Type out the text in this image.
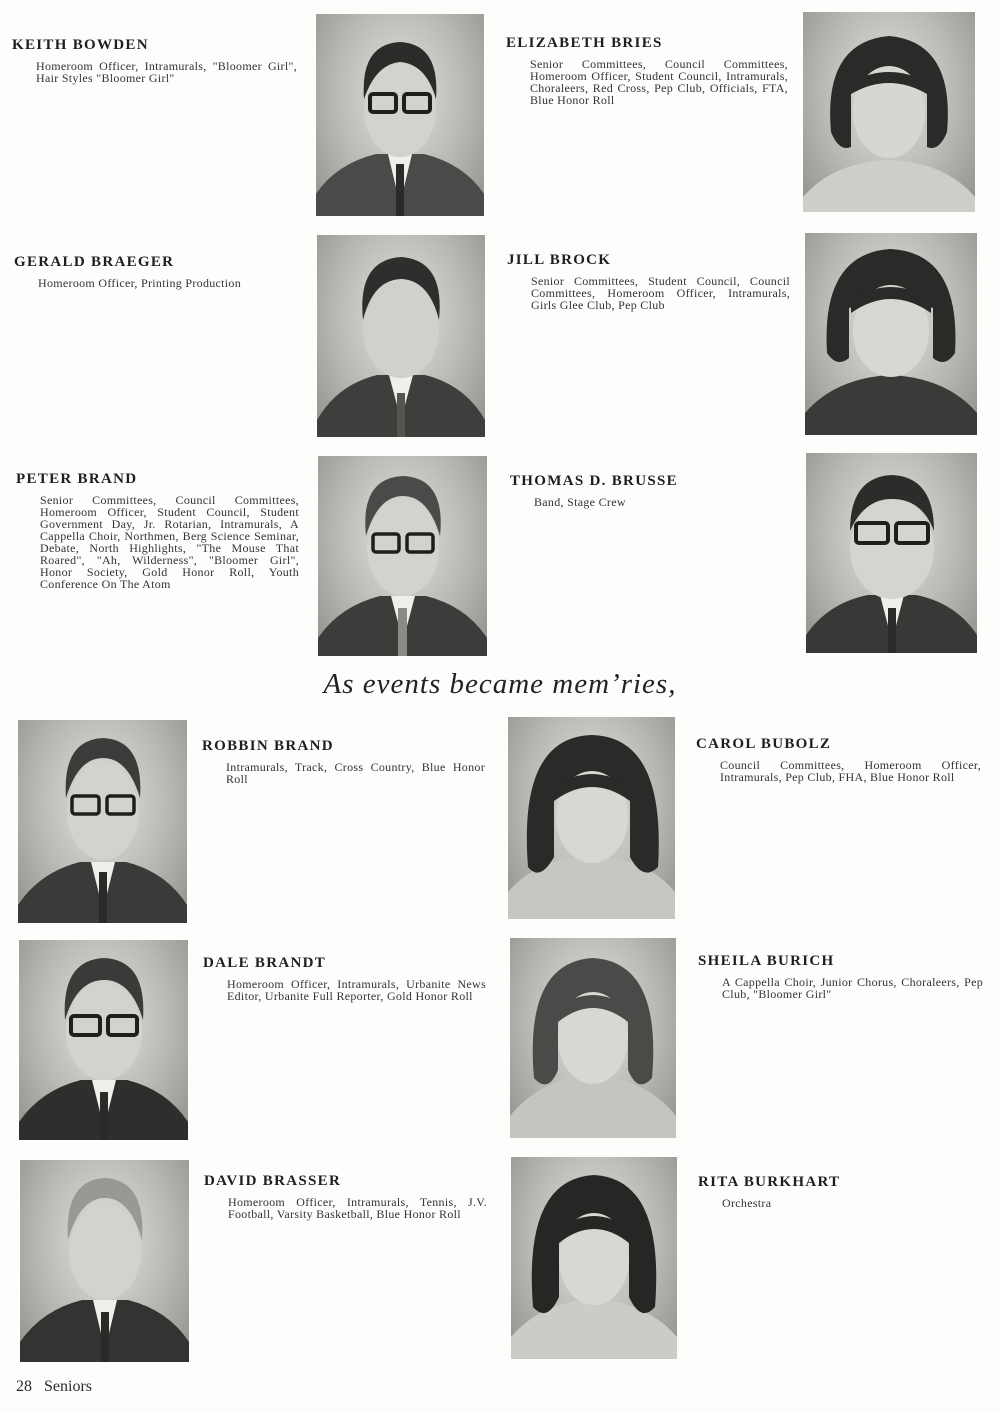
KEITH BOWDEN
Homeroom Officer, Intramurals, "Bloomer Girl", Hair Styles "Bloomer Girl"
ELIZABETH BRIES
Senior Committees, Council Committees, Homeroom Officer, Student Council, Intramurals, Choraleers, Red Cross, Pep Club, Officials, FTA, Blue Honor Roll
GERALD BRAEGER
Homeroom Officer, Printing Production
JILL BROCK
Senior Committees, Student Council, Council Committees, Homeroom Officer, Intramurals, Girls Glee Club, Pep Club
PETER BRAND
Senior Committees, Council Committees, Homeroom Officer, Student Council, Student Government Day, Jr. Rotarian, Intramurals, A Cappella Choir, Northmen, Berg Science Seminar, Debate, North Highlights, "The Mouse That Roared", "Ah, Wilderness", "Bloomer Girl", Honor Society, Gold Honor Roll, Youth Conference On The Atom
THOMAS D. BRUSSE
Band, Stage Crew
As events became mem’ries,
ROBBIN BRAND
Intramurals, Track, Cross Country, Blue Honor Roll
CAROL BUBOLZ
Council Committees, Homeroom Officer, Intramurals, Pep Club, FHA, Blue Honor Roll
DALE BRANDT
Homeroom Officer, Intramurals, Urbanite News Editor, Urbanite Full Reporter, Gold Honor Roll
SHEILA BURICH
A Cappella Choir, Junior Chorus, Choraleers, Pep Club, "Bloomer Girl"
DAVID BRASSER
Homeroom Officer, Intramurals, Tennis, J.V. Football, Varsity Basketball, Blue Honor Roll
RITA BURKHART
Orchestra
28 Seniors
